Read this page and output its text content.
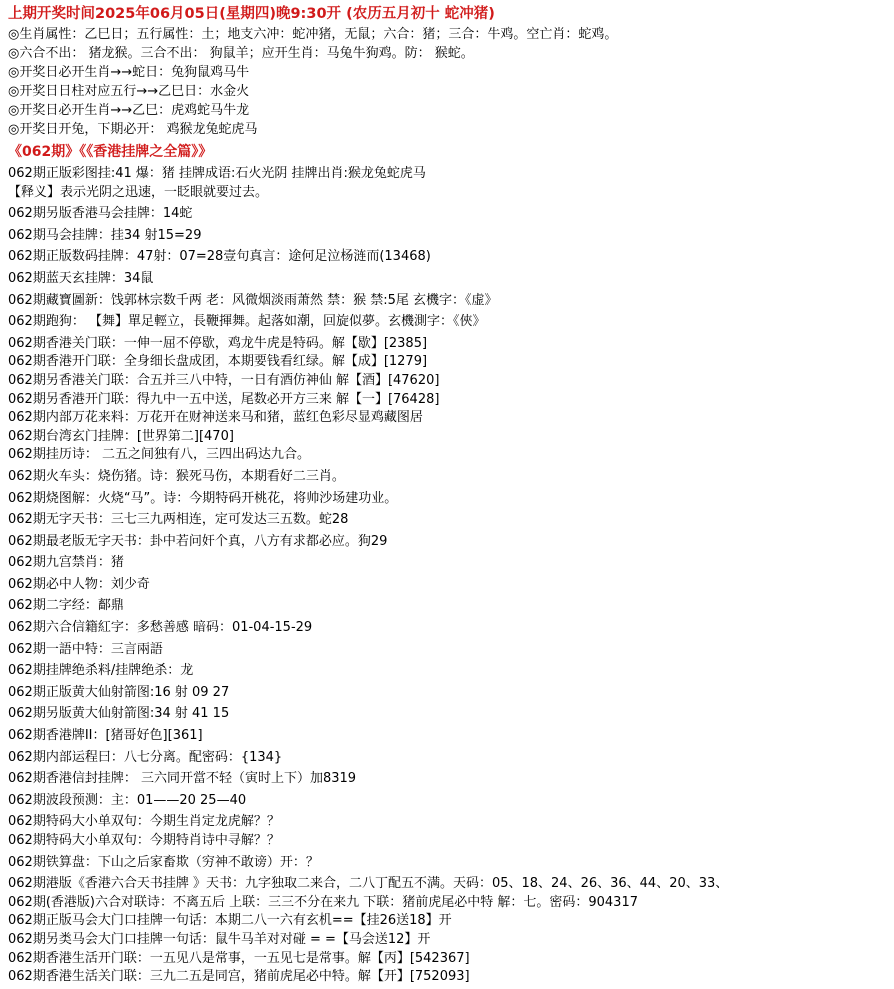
上期开奖时间2025年06月05日(星期四)晚9:30开 (农历五月初十 蛇冲猪)
◎生肖属性：乙巳日；五行属性：土；地支六冲：蛇冲猪，无鼠；六合：猪；三合：牛鸡。空亡肖：蛇鸡。
◎六合不出： 猪龙猴。三合不出： 狗鼠羊；应开生肖：马兔牛狗鸡。防： 猴蛇。
◎开奖日必开生肖→→蛇日：兔狗鼠鸡马牛
◎开奖日日柱对应五行→→乙巳日：水金火
◎开奖日必开生肖→→乙巳：虎鸡蛇马牛龙
◎开奖日开兔，下期必开： 鸡猴龙兔蛇虎马
《062期》《《香港挂牌之全篇》》
062期正版彩图挂:41 爆：猪 挂牌成语:石火光阴 挂牌出肖:猴龙兔蛇虎马
【释义】表示光阴之迅速，一眨眼就要过去。
062期另版香港马会挂牌：14蛇
062期马会挂牌：挂34 射15=29
062期正版数码挂牌：47射：07=28壹句真言：途何足泣杨涟而(13468)
062期蓝天玄挂牌：34鼠
062期藏寶圖新：饯郭林宗数千两 老：风微烟淡雨萧然 禁：猴 禁:5尾 玄機字：《虚》
062期跑狗： 【舞】單足輕立，長鞭揮舞。起落如潮，回旋似夢。玄機測字：《俠》
062期香港关门联：一伸一屈不停歇，鸡龙牛虎是特码。解【歇】[2385]
062期香港开门联：全身细长盘成团，本期要钱看红绿。解【成】[1279]
062期另香港关门联：合五并三八中特，一日有酒仿神仙 解【酒】[47620]
062期另香港开门联：得九中一五中送，尾数必开方三来 解【一】[76428]
062期内部万花来料：万花开在财神送来马和猪，蓝红色彩尽显鸡藏图居
062期台湾玄门挂牌：[世界第二][470]
062期挂历诗： 二五之间独有八，三四出码达九合。
062期火车头：烧伤猪。诗：猴死马伤，本期看好二三肖。
062期烧图解：火烧“马”。诗：今期特码开桃花，将帅沙场建功业。
062期无字天书：三七三九两相连，定可发达三五数。蛇28
062期最老版无字天书：卦中若问奸个真，八方有求都必应。狗29
062期九宫禁肖：猪
062期必中人物：刘少奇
062期二字经：鄐鼎
062期六合信籍紅字：多愁善感 暗码：01-04-15-29
062期一語中特：三言兩語
062期挂牌绝杀料/挂牌绝杀：龙
062期正版黄大仙射箭图:16 射 09 27
062期另版黄大仙射箭图:34 射 41 15
062期香港牌II：[猪哥好色][361]
062期内部运程曰：八七分离。配密码：{134}
062期香港信封挂牌： 三六同开當不轻（寅时上下）加8319
062期波段预测：主：01——20 25—40
062期特码大小单双句：今期生肖定龙虎解？？
062期特码大小单双句：今期特肖诗中寻解？？
062期铁算盘：下山之后家畜欺（穷神不敢谤）开：？
062期港版《香港六合天书挂牌 》天书：九字独取二来合，二八丁配五不满。天码：05、18、24、26、36、44、20、33、
062期(香港版)六合对联诗：不离五后 上联：三三不分在来九 下联：猪前虎尾必中特 解：七。密码：904317
062期正版马会大门口挂牌一句话：本期二八一六有玄机==【挂26送18】开
062期另类马会大门口挂牌一句话：鼠牛马羊对对碰 = =【马会送12】开
062期香港生活开门联：一五见八是常事，一五见七是常事。解【丙】[542367]
062期香港生活关门联：三九二五是同宫，猪前虎尾必中特。解【开】[752093]
